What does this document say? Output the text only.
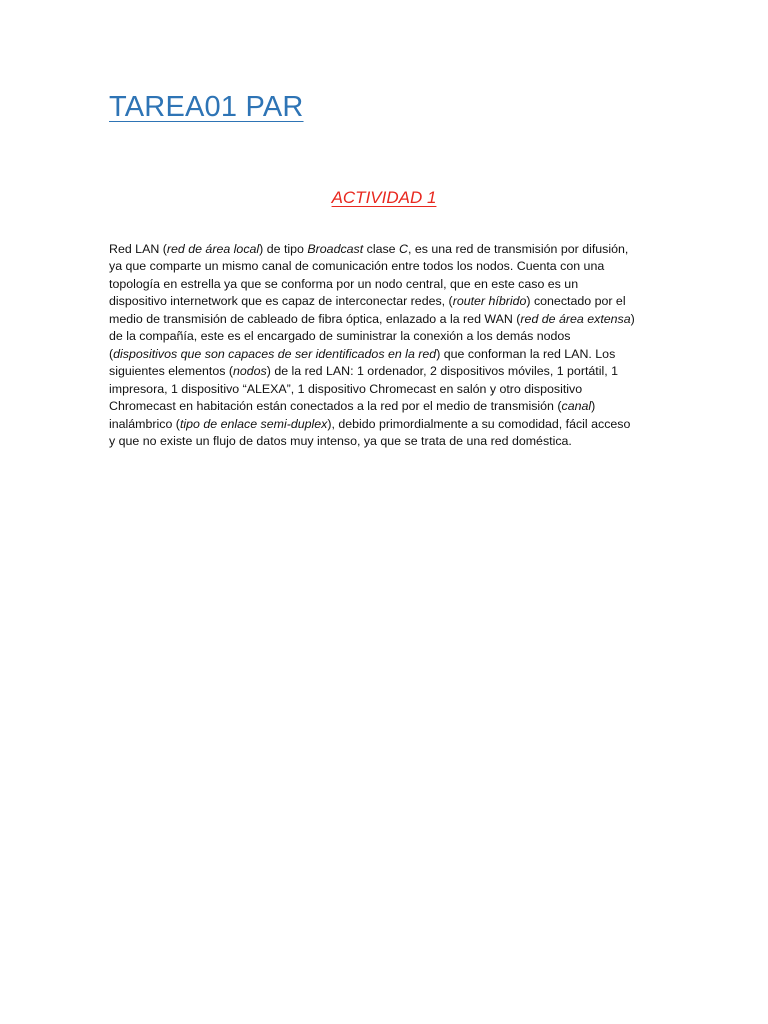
TAREA01 PAR
ACTIVIDAD 1
Red LAN (red de área local) de tipo Broadcast clase C, es una red de transmisión por difusión,
ya que comparte un mismo canal de comunicación entre todos los nodos. Cuenta con una
topología en estrella ya que se conforma por un nodo central, que en este caso es un
dispositivo internetwork que es capaz de interconectar redes, (router híbrido) conectado por el
medio de transmisión de cableado de fibra óptica, enlazado a la red WAN (red de área extensa)
de la compañía, este es el encargado de suministrar la conexión a los demás nodos
(dispositivos que son capaces de ser identificados en la red) que conforman la red LAN. Los
siguientes elementos (nodos) de la red LAN: 1 ordenador, 2 dispositivos móviles, 1 portátil, 1
impresora, 1 dispositivo “ALEXA”, 1 dispositivo Chromecast en salón y otro dispositivo
Chromecast en habitación están conectados a la red por el medio de transmisión (canal)
inalámbrico (tipo de enlace semi-duplex), debido primordialmente a su comodidad, fácil acceso
y que no existe un flujo de datos muy intenso, ya que se trata de una red doméstica.
